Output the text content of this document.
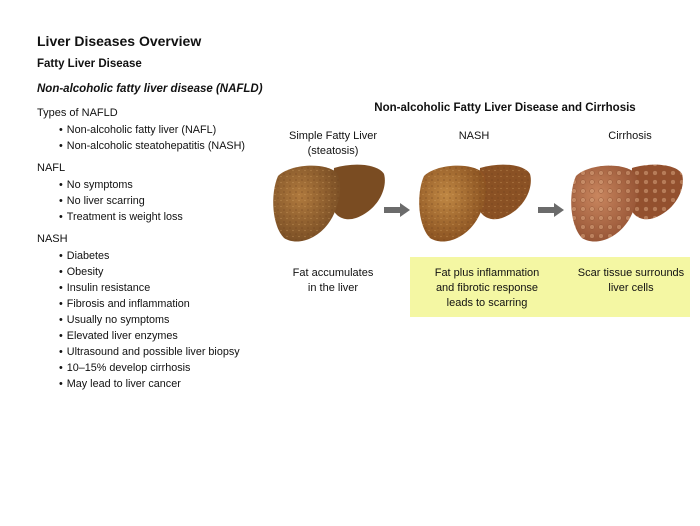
Liver Diseases Overview
Fatty Liver Disease
Non-alcoholic fatty liver disease (NAFLD)
Types of NAFLD
• Non-alcoholic fatty liver (NAFL)
• Non-alcoholic steatohepatitis (NASH)
NAFL
• No symptoms
• No liver scarring
• Treatment is weight loss
NASH
• Diabetes
• Obesity
• Insulin resistance
• Fibrosis and inflammation
• Usually no symptoms
• Elevated liver enzymes
• Ultrasound and possible liver biopsy
• 10–15% develop cirrhosis
• May lead to liver cancer
Non-alcoholic Fatty Liver Disease and Cirrhosis
Simple Fatty Liver
(steatosis)
NASH	Cirrhosis
Fat accumulates
in the liver
Fat plus inflammation
and fibrotic response
leads to scarring
Scar tissue surrounds
liver cells
